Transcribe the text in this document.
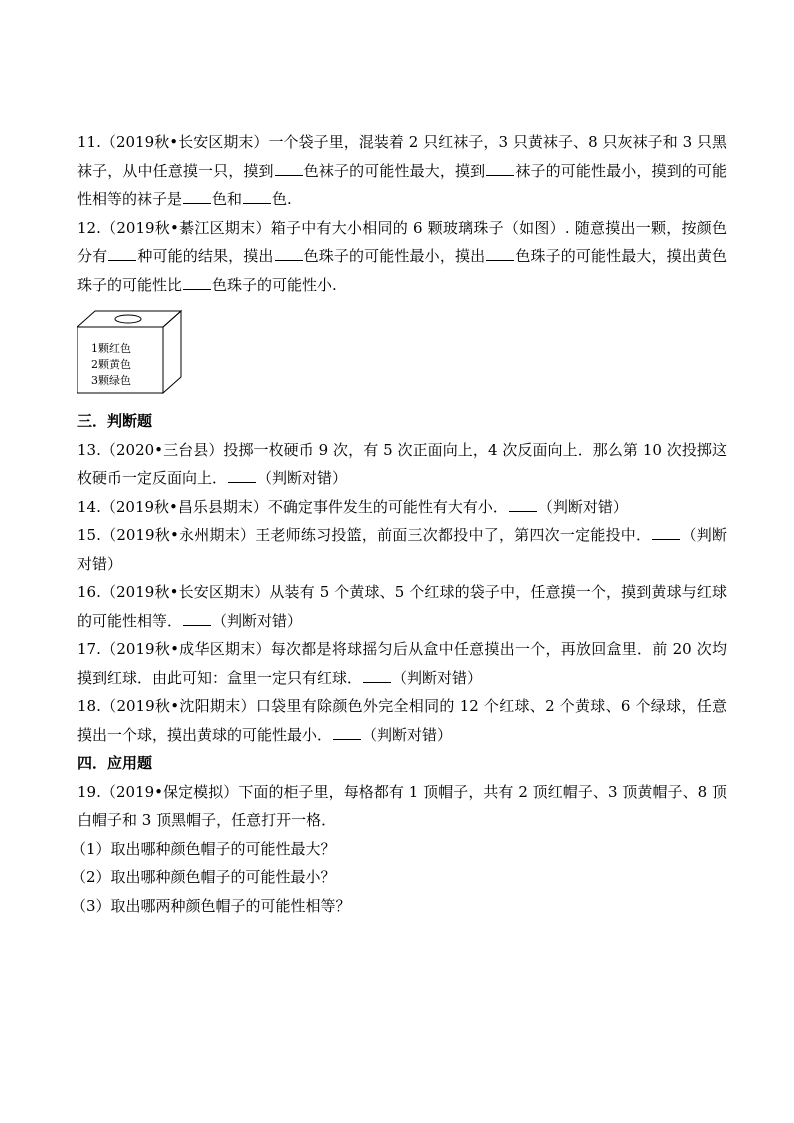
11.（2019秋•长安区期末）一个袋子里，混装着 2 只红袜子，3 只黄袜子、8 只灰袜子和 3 只黑袜子，从中任意摸一只，摸到 色袜子的可能性最大，摸到 袜子的可能性最小，摸到的可能性相等的袜子是 色和 色.

12.（2019秋•綦江区期末）箱子中有大小相同的 6 颗玻璃珠子（如图）. 随意摸出一颗，按颜色分有 种可能的结果，摸出 色珠子的可能性最小，摸出 色珠子的可能性最大，摸出黄色珠子的可能性比 色珠子的可能性小.

1颗红色
2颗黄色
3颗绿色

三．判断题

13.（2020•三台县）投掷一枚硬币 9 次，有 5 次正面向上，4 次反面向上．那么第 10 次投掷这枚硬币一定反面向上． （判断对错）

14.（2019秋•昌乐县期末）不确定事件发生的可能性有大有小． （判断对错）

15.（2019秋•永州期末）王老师练习投篮，前面三次都投中了，第四次一定能投中． （判断对错）

16.（2019秋•长安区期末）从装有 5 个黄球、5 个红球的袋子中，任意摸一个，摸到黄球与红球的可能性相等． （判断对错）

17.（2019秋•成华区期末）每次都是将球摇匀后从盒中任意摸出一个，再放回盒里．前 20 次均摸到红球．由此可知：盒里一定只有红球． （判断对错）

18.（2019秋•沈阳期末）口袋里有除颜色外完全相同的 12 个红球、2 个黄球、6 个绿球，任意摸出一个球，摸出黄球的可能性最小． （判断对错）

四．应用题

19.（2019•保定模拟）下面的柜子里，每格都有 1 顶帽子，共有 2 顶红帽子、3 顶黄帽子、8 顶白帽子和 3 顶黑帽子，任意打开一格．

（1）取出哪种颜色帽子的可能性最大？

（2）取出哪种颜色帽子的可能性最小？

（3）取出哪两种颜色帽子的可能性相等？
